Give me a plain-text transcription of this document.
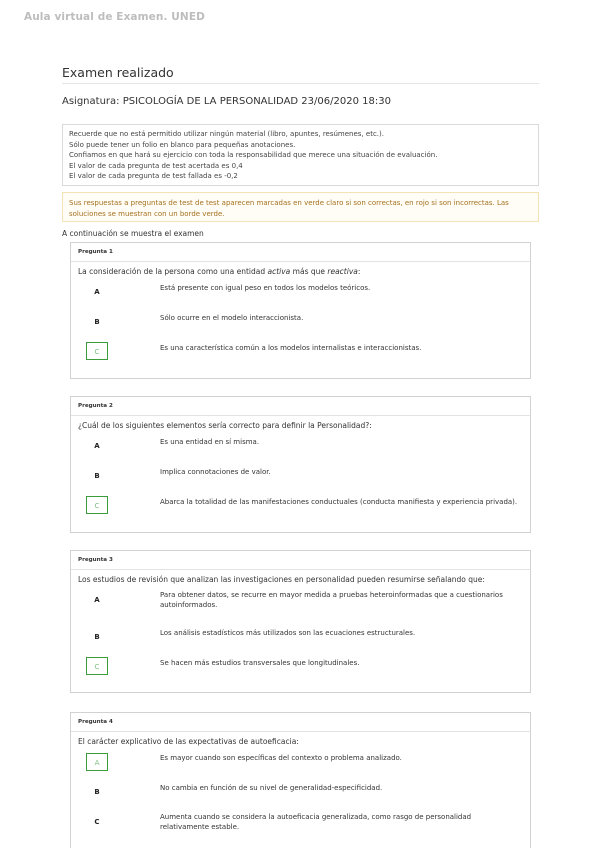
Aula virtual de Examen. UNED
Examen realizado
Asignatura: PSICOLOGÍA DE LA PERSONALIDAD 23/06/2020 18:30
Recuerde que no está permitido utilizar ningún material (libro, apuntes, resúmenes, etc.).
Sólo puede tener un folio en blanco para pequeñas anotaciones.
Confiamos en que hará su ejercicio con toda la responsabilidad que merece una situación de evaluación.
El valor de cada pregunta de test acertada es 0,4
El valor de cada pregunta de test fallada es -0,2
Sus respuestas a preguntas de test de test aparecen marcadas en verde claro si son correctas, en rojo si son incorrectas. Las soluciones se muestran con un borde verde.
A continuación se muestra el examen
Pregunta 1
La consideración de la persona como una entidad activa más que reactiva:
A	Está presente con igual peso en todos los modelos teóricos.
B	Sólo ocurre en el modelo interaccionista.
C	Es una característica común a los modelos internalistas e interaccionistas.
Pregunta 2
¿Cuál de los siguientes elementos sería correcto para definir la Personalidad?:
A	Es una entidad en sí misma.
B	Implica connotaciones de valor.
C	Abarca la totalidad de las manifestaciones conductuales (conducta manifiesta y experiencia privada).
Pregunta 3
Los estudios de revisión que analizan las investigaciones en personalidad pueden resumirse señalando que:
A
Para obtener datos, se recurre en mayor medida a pruebas heteroinformadas que a cuestionarios
autoinformados.
B	Los análisis estadísticos más utilizados son las ecuaciones estructurales.
C	Se hacen más estudios transversales que longitudinales.
Pregunta 4
El carácter explicativo de las expectativas de autoeficacia:
A
Es mayor cuando son específicas del contexto o problema analizado.
B	No cambia en función de su nivel de generalidad-especificidad.
C
Aumenta cuando se considera la autoeficacia generalizada, como rasgo de personalidad
relativamente estable.
